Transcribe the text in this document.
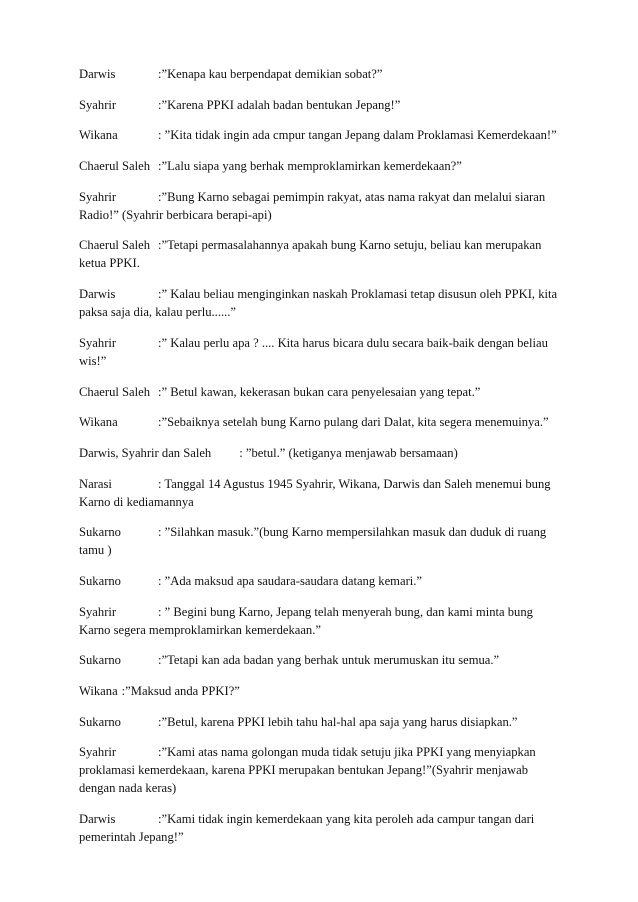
Darwis	:”Kenapa kau berpendapat demikian sobat?”
Syahrir	:”Karena PPKI adalah badan bentukan Jepang!”
Wikana	: ”Kita tidak ingin ada cmpur tangan Jepang dalam Proklamasi Kemerdekaan!”
Chaerul Saleh :”Lalu siapa yang berhak memproklamirkan kemerdekaan?”
Syahrir	:”Bung Karno sebagai pemimpin rakyat, atas nama rakyat dan melalui siaran Radio!” (Syahrir berbicara berapi-api)
Chaerul Saleh :”Tetapi permasalahannya apakah bung Karno setuju, beliau kan merupakan ketua PPKI.
Darwis	:” Kalau beliau menginginkan naskah Proklamasi tetap disusun oleh PPKI, kita paksa saja dia, kalau perlu......”
Syahrir	:” Kalau perlu apa ? .... Kita harus bicara dulu secara baik-baik dengan beliau wis!”
Chaerul Saleh :” Betul kawan, kekerasan bukan cara penyelesaian yang tepat.”
Wikana	:”Sebaiknya setelah bung Karno pulang dari Dalat, kita segera menemuinya.”
Darwis, Syahrir dan Saleh : ”betul.” (ketiganya menjawab bersamaan)
Narasi	: Tanggal 14 Agustus 1945 Syahrir, Wikana, Darwis dan Saleh menemui bung Karno di kediamannya
Sukarno	: ”Silahkan masuk.”(bung Karno mempersilahkan masuk dan duduk di ruang tamu )
Sukarno	: ”Ada maksud apa saudara-saudara datang kemari.”
Syahrir	: ” Begini bung Karno, Jepang telah menyerah bung, dan kami minta bung Karno segera memproklamirkan kemerdekaan.”
Sukarno	:”Tetapi kan ada badan yang berhak untuk merumuskan itu semua.”
Wikana :”Maksud anda PPKI?”
Sukarno	:”Betul, karena PPKI lebih tahu hal-hal apa saja yang harus disiapkan.”
Syahrir	:”Kami atas nama golongan muda tidak setuju jika PPKI yang menyiapkan proklamasi kemerdekaan, karena PPKI merupakan bentukan Jepang!”(Syahrir menjawab dengan nada keras)
Darwis	:”Kami tidak ingin kemerdekaan yang kita peroleh ada campur tangan dari pemerintah Jepang!”
